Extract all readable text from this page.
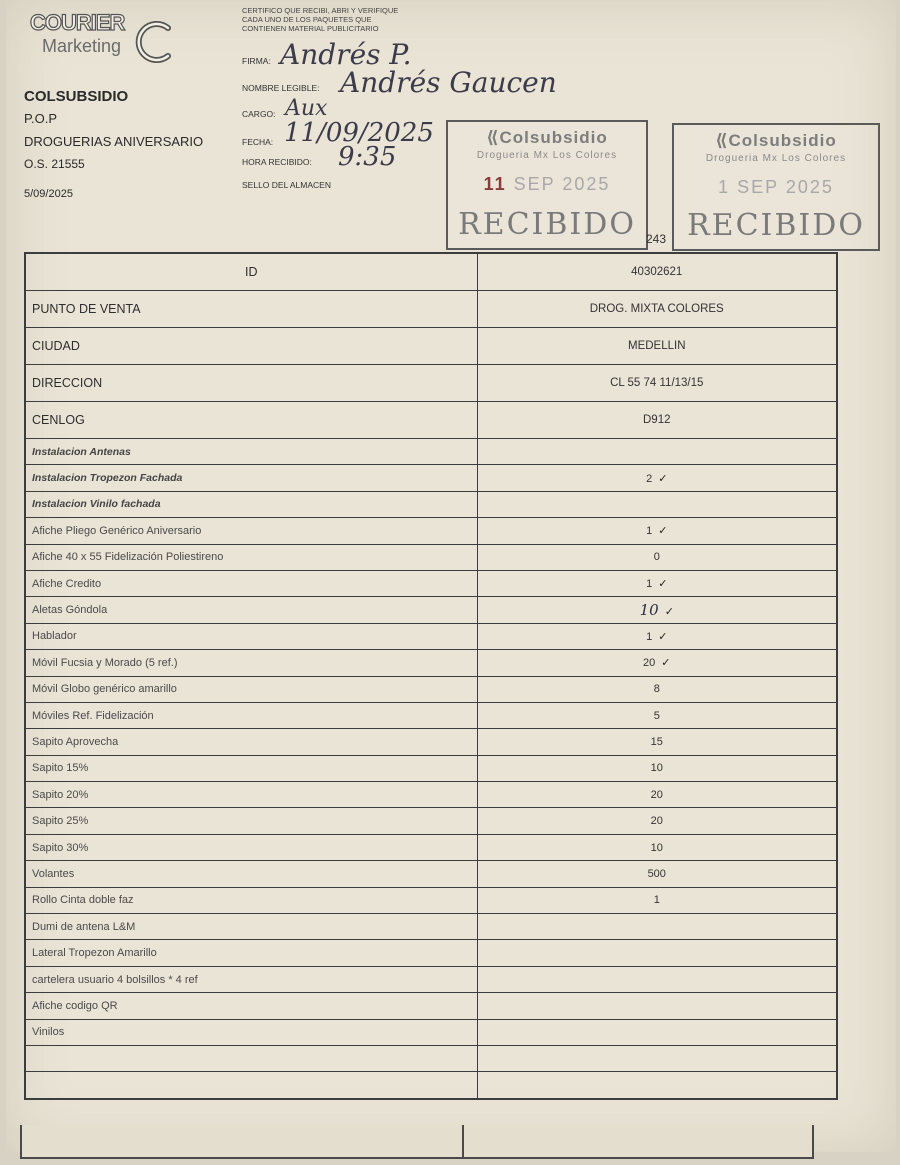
COURIER
Marketing
COLSUBSIDIO
P.O.P
DROGUERIAS ANIVERSARIO
O.S. 21555
5/09/2025
CERTIFICO QUE RECIBI, ABRI Y VERIFIQUE
CADA UNO DE LOS PAQUETES QUE
CONTIENEN MATERIAL PUBLICITARIO
FIRMA: Andrés P.
NOMBRE LEGIBLE: Andrés Gaucen
CARGO: Aux
FECHA: 11/09/2025
HORA RECIBIDO: 9:35
SELLO DEL ALMACEN
⟪Colsubsidio
Drogueria Mx Los Colores
11 SEP 2025
RECIBIDO 243
⟪Colsubsidio
Drogueria Mx Los Colores
1 SEP 2025
RECIBIDO
ID	40302621
PUNTO DE VENTA	DROG. MIXTA COLORES
CIUDAD	MEDELLIN
DIRECCION	CL 55 74 11/13/15
CENLOG	D912
Instalacion Antenas	
Instalacion Tropezon Fachada	2 ✓
Instalacion Vinilo fachada	
Afiche Pliego Genérico Aniversario	1 ✓
Afiche 40 x 55 Fidelización Poliestireno	0
Afiche Credito	1 ✓
Aletas Góndola	10 ✓
Hablador	1 ✓
Móvil Fucsia y Morado (5 ref.)	20 ✓
Móvil Globo genérico amarillo	8
Móviles Ref. Fidelización	5
Sapito Aprovecha	15
Sapito 15%	10
Sapito 20%	20
Sapito 25%	20
Sapito 30%	10
Volantes	500
Rollo Cinta doble faz	1
Dumi de antena L&M	
Lateral Tropezon Amarillo	
cartelera usuario 4 bolsillos * 4 ref	
Afiche codigo QR	
Vinilos	
